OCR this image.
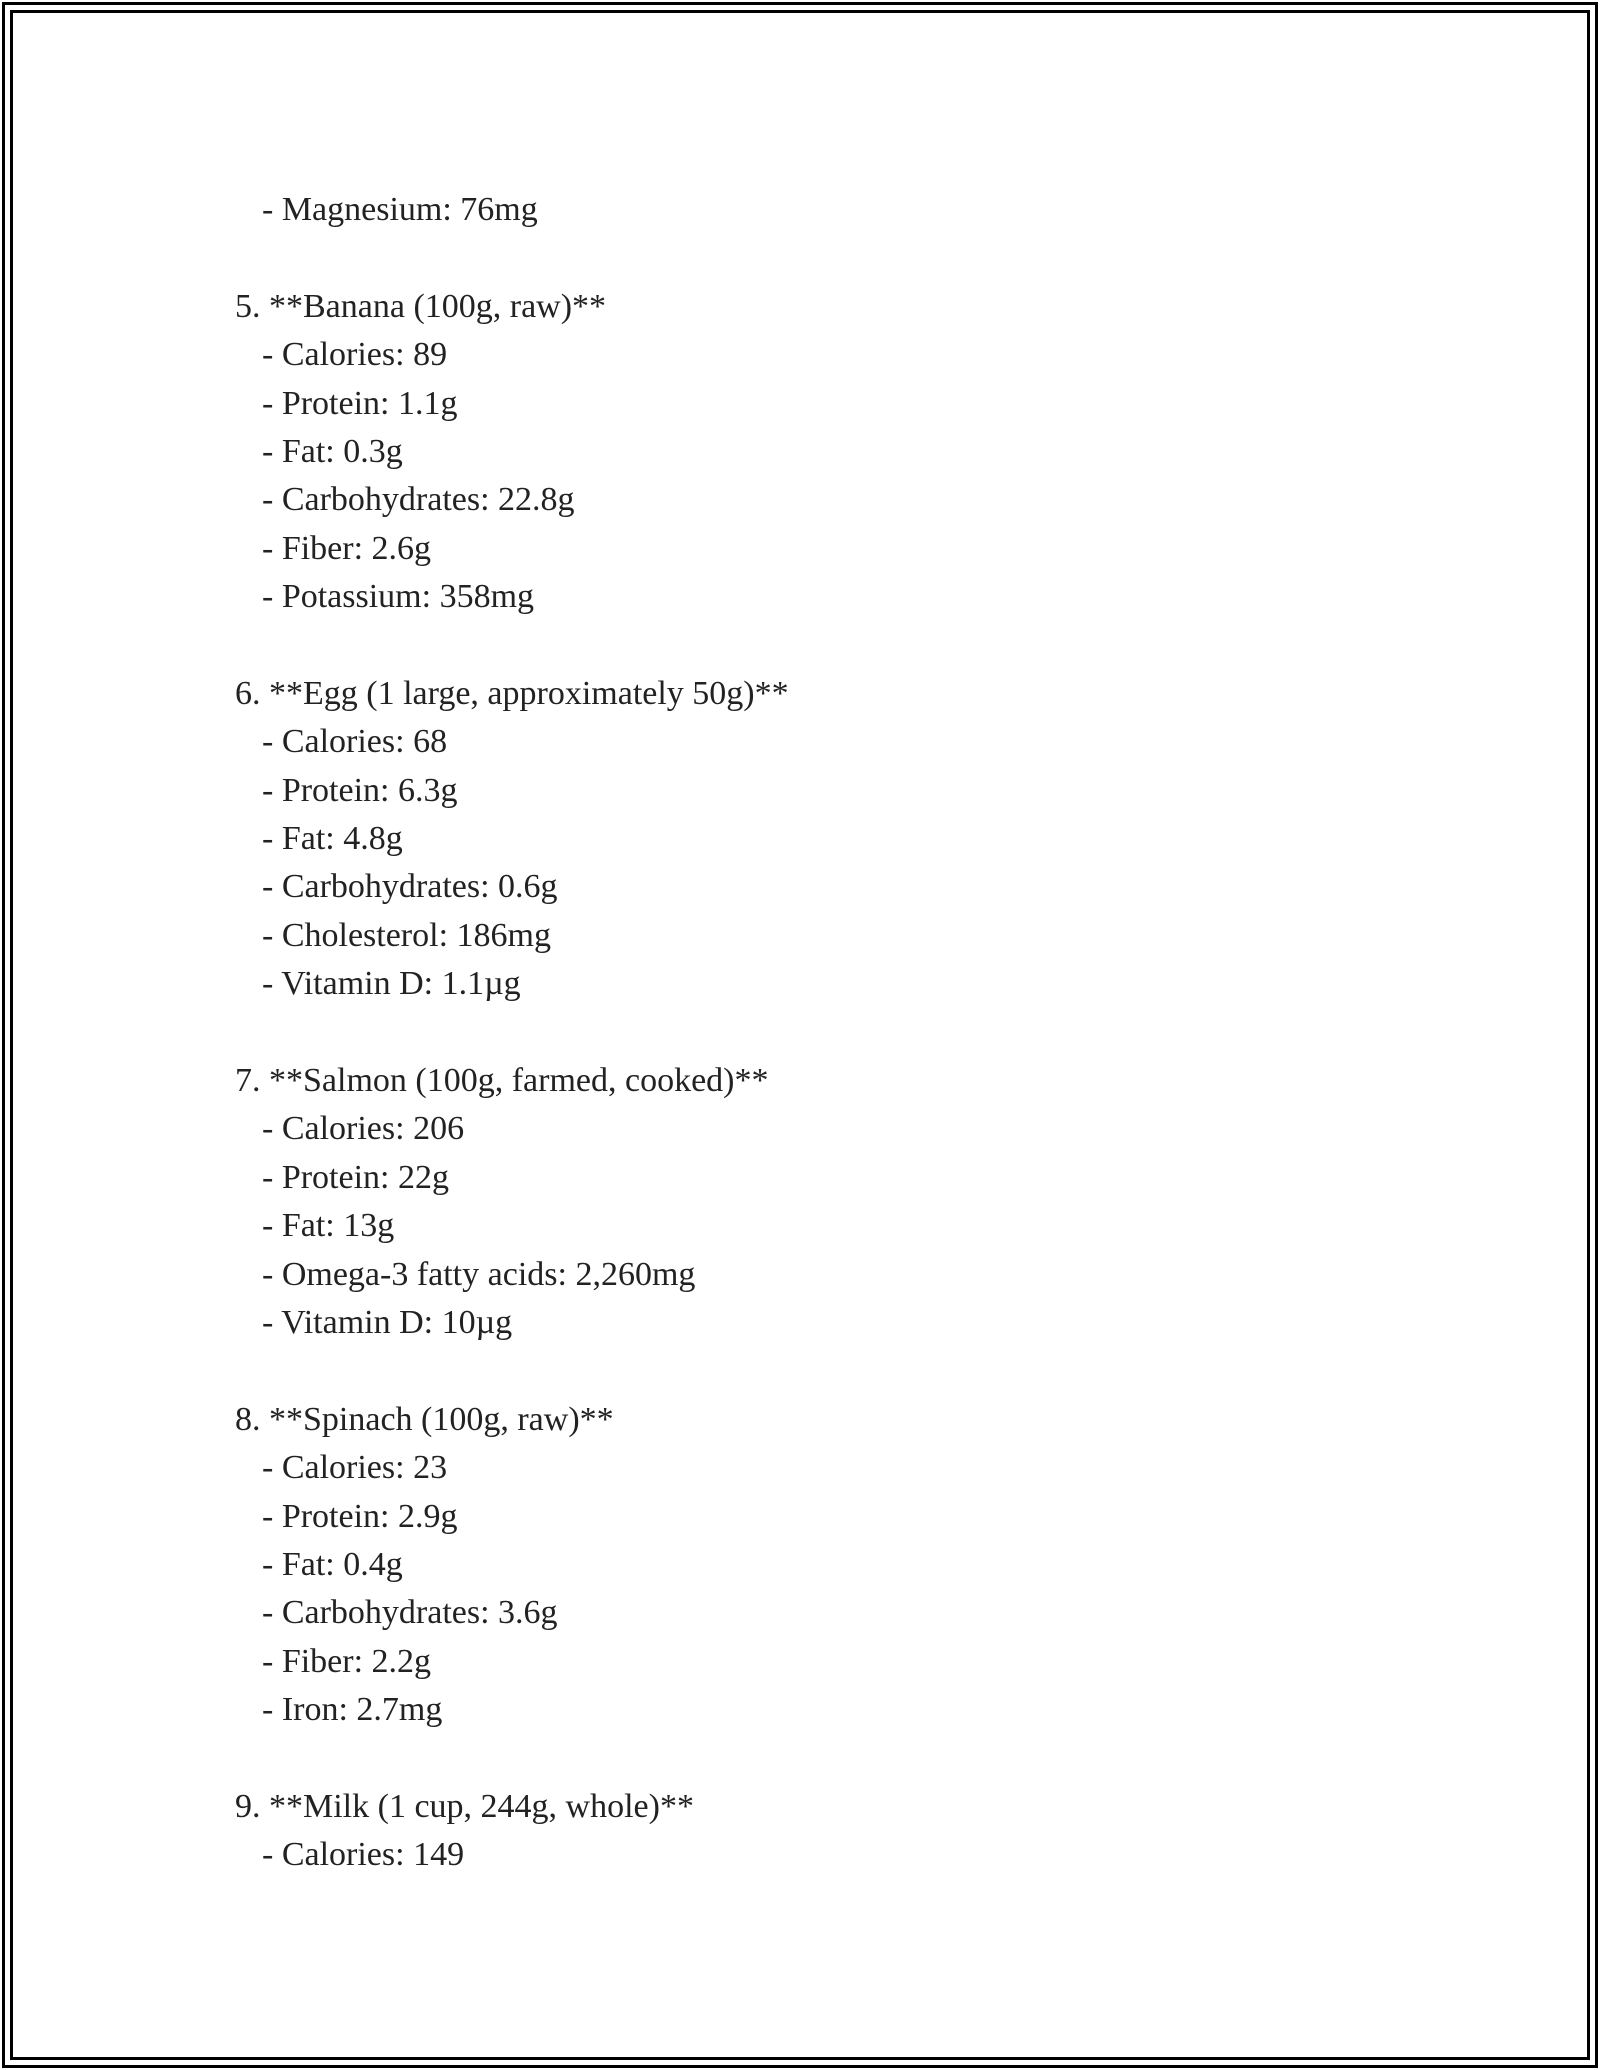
- Magnesium: 76mg
5. **Banana (100g, raw)**
- Calories: 89
- Protein: 1.1g
- Fat: 0.3g
- Carbohydrates: 22.8g
- Fiber: 2.6g
- Potassium: 358mg
6. **Egg (1 large, approximately 50g)**
- Calories: 68
- Protein: 6.3g
- Fat: 4.8g
- Carbohydrates: 0.6g
- Cholesterol: 186mg
- Vitamin D: 1.1µg
7. **Salmon (100g, farmed, cooked)**
- Calories: 206
- Protein: 22g
- Fat: 13g
- Omega-3 fatty acids: 2,260mg
- Vitamin D: 10µg
8. **Spinach (100g, raw)**
- Calories: 23
- Protein: 2.9g
- Fat: 0.4g
- Carbohydrates: 3.6g
- Fiber: 2.2g
- Iron: 2.7mg
9. **Milk (1 cup, 244g, whole)**
- Calories: 149
